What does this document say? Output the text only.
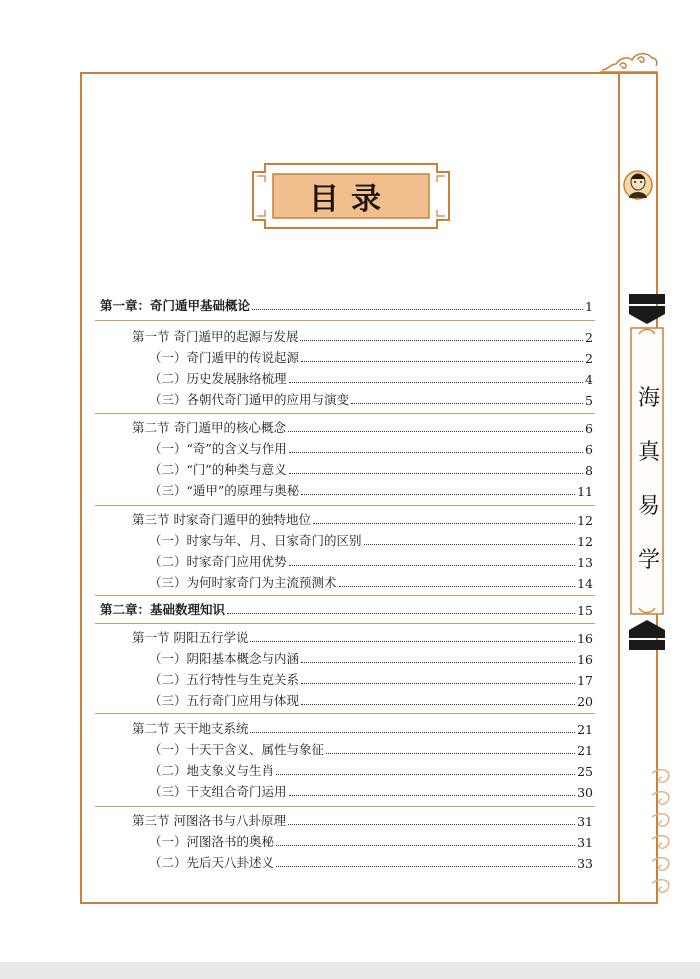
海
真
易
学
目录
第一章：奇门遁甲基础概论	1
第一节 奇门遁甲的起源与发展	2
（一）奇门遁甲的传说起源	2
（二）历史发展脉络梳理	4
（三）各朝代奇门遁甲的应用与演变	5
第二节 奇门遁甲的核心概念	6
（一）“奇”的含义与作用	6
（二）“门”的种类与意义	8
（三）“遁甲”的原理与奥秘	11
第三节 时家奇门遁甲的独特地位	12
（一）时家与年、月、日家奇门的区别	12
（二）时家奇门应用优势	13
（三）为何时家奇门为主流预测术	14
第二章：基础数理知识	15
第一节 阴阳五行学说	16
（一）阴阳基本概念与内涵	16
（二）五行特性与生克关系	17
（三）五行奇门应用与体现	20
第二节 天干地支系统	21
（一）十天干含义、属性与象征	21
（二）地支象义与生肖	25
（三）干支组合奇门运用	30
第三节 河图洛书与八卦原理	31
（一）河图洛书的奥秘	31
（二）先后天八卦述义	33
